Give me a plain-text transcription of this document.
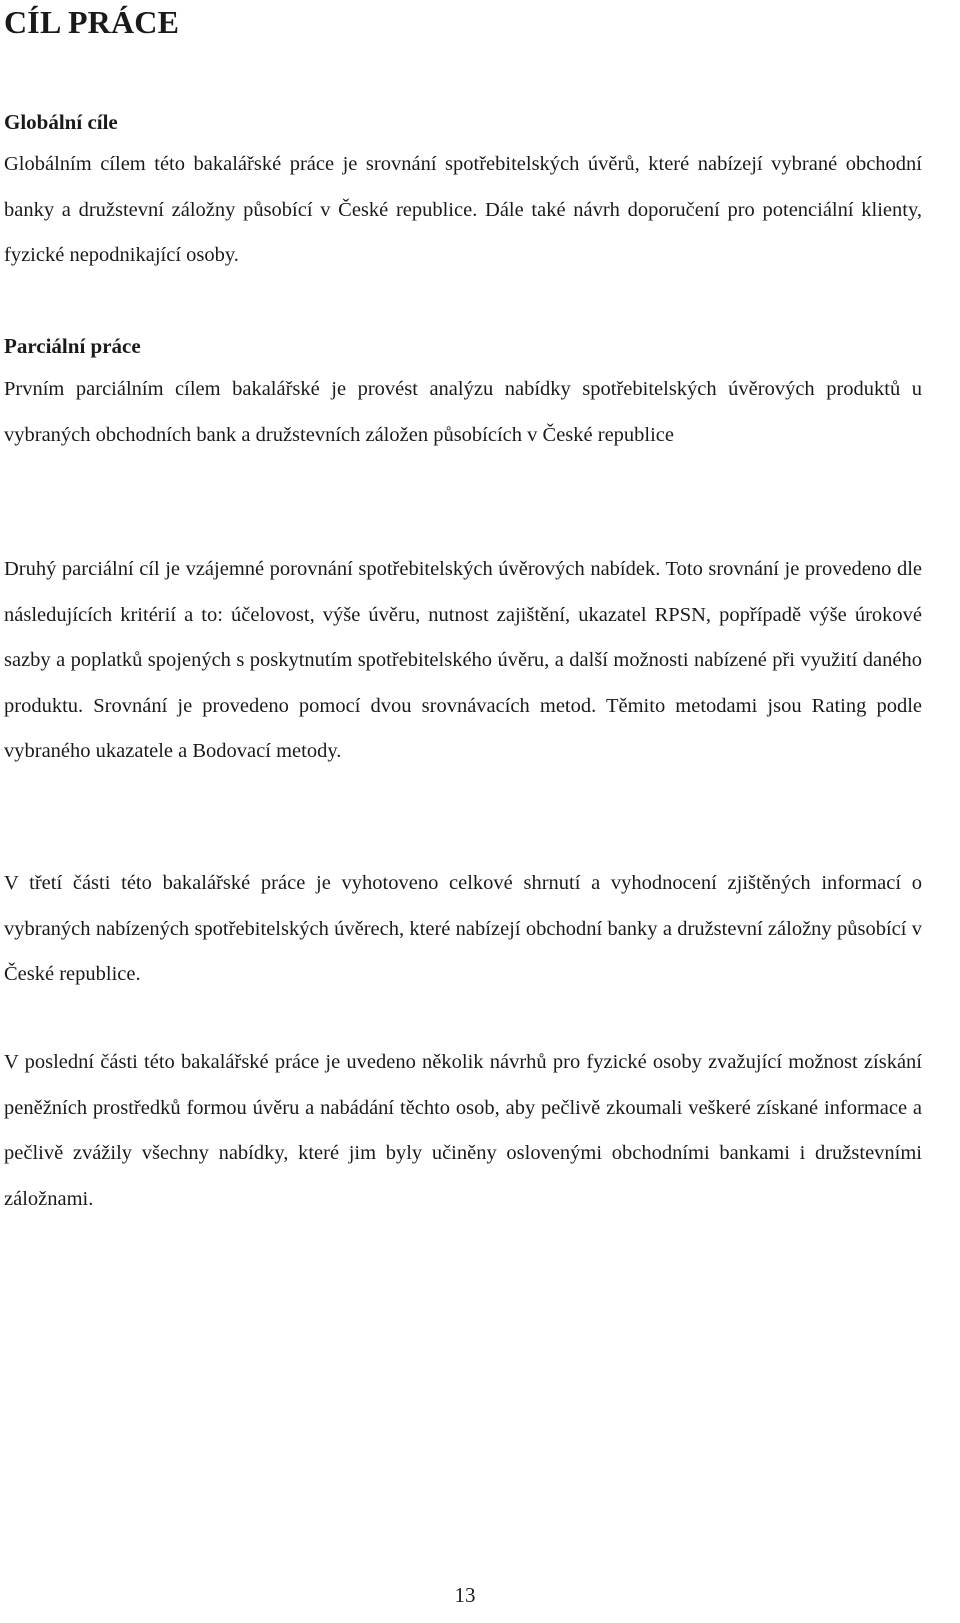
CÍL PRÁCE
Globální cíle

Globálním cílem této bakalářské práce je srovnání spotřebitelských úvěrů, které nabízejí vybrané obchodní banky a družstevní záložny působící v České republice. Dále také návrh doporučení pro potenciální klienty, fyzické nepodnikající osoby.

Parciální práce

Prvním parciálním cílem bakalářské je provést analýzu nabídky spotřebitelských úvěrových produktů u vybraných obchodních bank a družstevních záložen působících v České republice

Druhý parciální cíl je vzájemné porovnání spotřebitelských úvěrových nabídek. Toto srovnání je provedeno dle následujících kritérií a to: účelovost, výše úvěru, nutnost zajištění, ukazatel RPSN, popřípadě výše úrokové sazby a poplatků spojených s poskytnutím spotřebitelského úvěru, a další možnosti nabízené při využití daného produktu. Srovnání je provedeno pomocí dvou srovnávacích metod. Těmito metodami jsou Rating podle vybraného ukazatele a Bodovací metody.

V třetí části této bakalářské práce je vyhotoveno celkové shrnutí a vyhodnocení zjištěných informací o vybraných nabízených spotřebitelských úvěrech, které nabízejí obchodní banky a družstevní záložny působící v České republice.

V poslední části této bakalářské práce je uvedeno několik návrhů pro fyzické osoby zvažující možnost získání peněžních prostředků formou úvěru a nabádání těchto osob, aby pečlivě zkoumali veškeré získané informace a pečlivě zvážily všechny nabídky, které jim byly učiněny oslovenými obchodními bankami i družstevními záložnami.

13
